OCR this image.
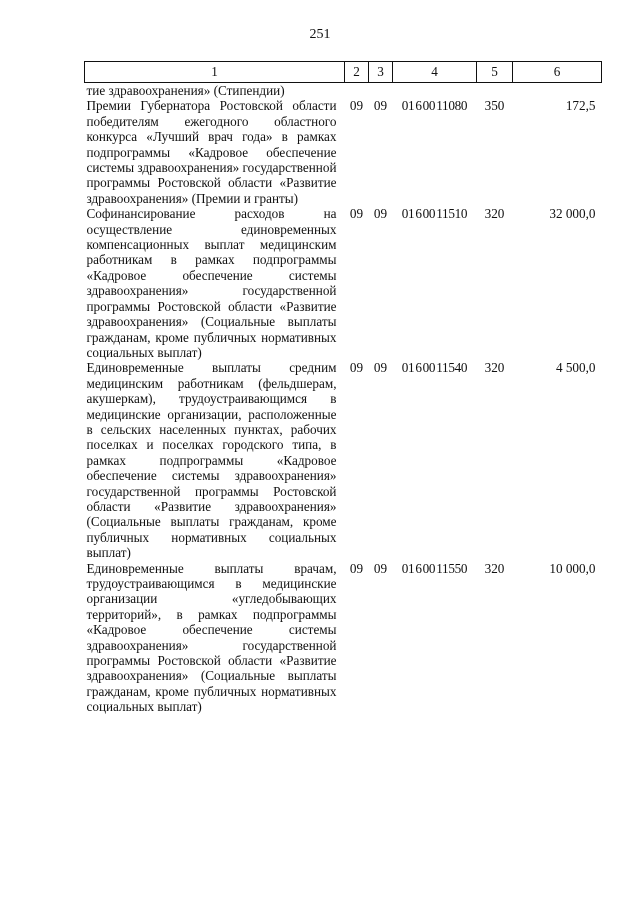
251
1	2	3	4	5	6
тие здравоохранения» (Стипендии)					
Премии Губернатора Ростовской области победителям ежегодного областного конкурса «Лучший врач года» в рамках подпрограммы «Кадровое обеспечение системы здравоохранения» государственной программы Ростовской области «Развитие здравоохранения» (Премии и гранты)	09	09	01 6 00 11080	350	172,5
Софинансирование расходов на осуществление единовременных компенсационных выплат медицинским работникам в рамках подпрограммы «Кадровое обеспечение системы здравоохранения» государственной программы Ростовской области «Развитие здравоохранения» (Социальные выплаты гражданам, кроме публичных нормативных социальных выплат)	09	09	01 6 00 11510	320	32 000,0
Единовременные выплаты средним медицинским работникам (фельдшерам, акушеркам), трудоустраивающимся в медицинские организации, расположенные в сельских населенных пунктах, рабочих поселках и поселках городского типа, в рамках подпрограммы «Кадровое обеспечение системы здравоохранения» государственной программы Ростовской области «Развитие здравоохранения» (Социальные выплаты гражданам, кроме публичных нормативных социальных выплат)	09	09	01 6 00 11540	320	4 500,0
Единовременные выплаты врачам, трудоустраивающимся в медицинские организации «угледобывающих территорий», в рамках подпрограммы «Кадровое обеспечение системы здравоохранения» государственной программы Ростовской области «Развитие здравоохранения» (Социальные выплаты гражданам, кроме публичных нормативных социальных выплат)	09	09	01 6 00 11550	320	10 000,0
